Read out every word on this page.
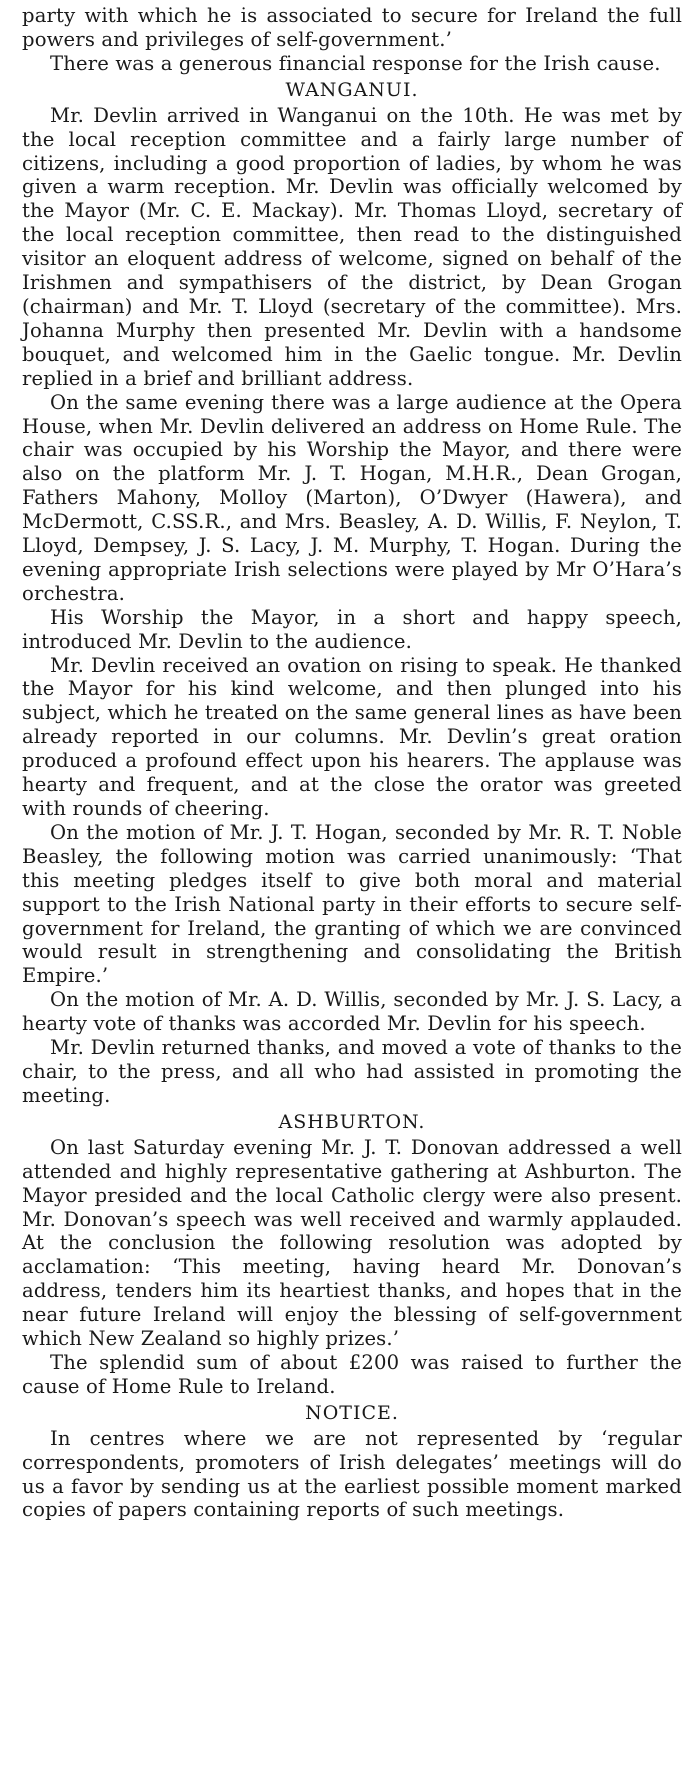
party with which he is associated to secure for Ireland the full powers and privileges of self-government.’

There was a generous financial response for the Irish cause.

WANGANUI.

Mr. Devlin arrived in Wanganui on the 10th. He was met by the local reception committee and a fairly large number of citizens, including a good proportion of ladies, by whom he was given a warm reception. Mr. Devlin was officially welcomed by the Mayor (Mr. C. E. Mackay). Mr. Thomas Lloyd, secretary of the local reception committee, then read to the distinguished visitor an eloquent address of welcome, signed on behalf of the Irishmen and sympathisers of the district, by Dean Grogan (chairman) and Mr. T. Lloyd (secretary of the committee). Mrs. Johanna Murphy then presented Mr. Devlin with a handsome bouquet, and welcomed him in the Gaelic tongue. Mr. Devlin replied in a brief and brilliant address.

On the same evening there was a large audience at the Opera House, when Mr. Devlin delivered an address on Home Rule. The chair was occupied by his Worship the Mayor, and there were also on the platform Mr. J. T. Hogan, M.H.R., Dean Grogan, Fathers Mahony, Molloy (Marton), O’Dwyer (Hawera), and McDermott, C.SS.R., and Mrs. Beasley, A. D. Willis, F. Neylon, T. Lloyd, Dempsey, J. S. Lacy, J. M. Murphy, T. Hogan. During the evening appropriate Irish selections were played by Mr O’Hara’s orchestra.

His Worship the Mayor, in a short and happy speech, introduced Mr. Devlin to the audience.

Mr. Devlin received an ovation on rising to speak. He thanked the Mayor for his kind welcome, and then plunged into his subject, which he treated on the same general lines as have been already reported in our columns. Mr. Devlin’s great oration produced a profound effect upon his hearers. The applause was hearty and frequent, and at the close the orator was greeted with rounds of cheering.

On the motion of Mr. J. T. Hogan, seconded by Mr. R. T. Noble Beasley, the following motion was carried unanimously: ‘That this meeting pledges itself to give both moral and material support to the Irish National party in their efforts to secure self-government for Ireland, the granting of which we are convinced would result in strengthening and consolidating the British Empire.’

On the motion of Mr. A. D. Willis, seconded by Mr. J. S. Lacy, a hearty vote of thanks was accorded Mr. Devlin for his speech.

Mr. Devlin returned thanks, and moved a vote of thanks to the chair, to the press, and all who had assisted in promoting the meeting.

ASHBURTON.

On last Saturday evening Mr. J. T. Donovan addressed a well attended and highly representative gathering at Ashburton. The Mayor presided and the local Catholic clergy were also present. Mr. Donovan’s speech was well received and warmly applauded. At the conclusion the following resolution was adopted by acclamation: ‘This meeting, having heard Mr. Donovan’s address, tenders him its heartiest thanks, and hopes that in the near future Ireland will enjoy the blessing of self-government which New Zealand so highly prizes.’

The splendid sum of about £200 was raised to further the cause of Home Rule to Ireland.

NOTICE.

In centres where we are not represented by ‘regular correspondents, promoters of Irish delegates’ meetings will do us a favor by sending us at the earliest possible moment marked copies of papers containing reports of such meetings.
